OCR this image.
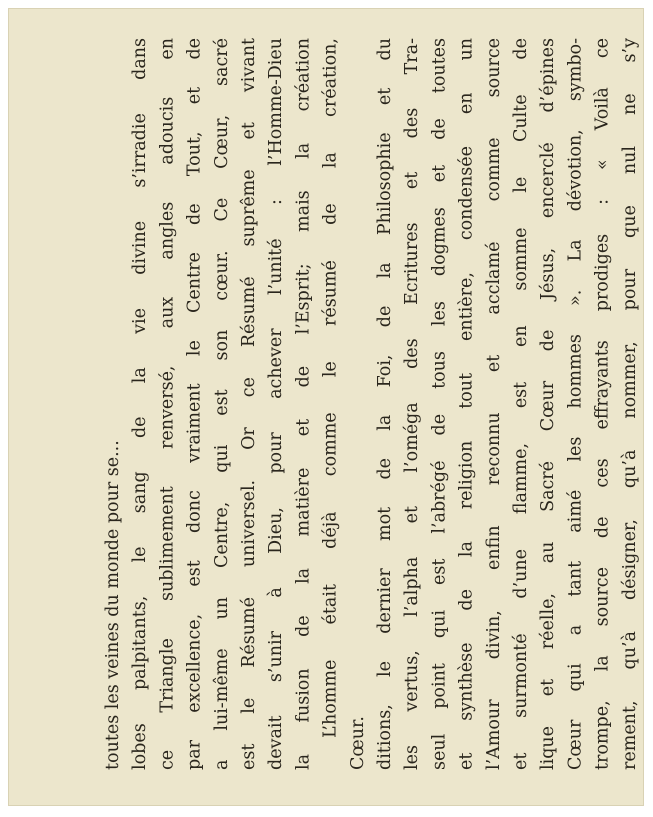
rement, qu’à désigner, qu’à nommer, pour que nul ne s’y
trompe, la source de ces effrayants prodiges : « Voilà ce
Cœur qui a tant aimé les hommes ». La dévotion, symbo-
lique et réelle, au Sacré Cœur de Jésus, encerclé d’épines
et surmonté d’une flamme, est en somme le Culte de
l’Amour divin, enfin reconnu et acclamé comme source
et synthèse de la religion tout entière, condensée en un
seul point qui est l’abrégé de tous les dogmes et de toutes
les vertus, l’alpha et l’oméga des Ecritures et des Tra-
ditions, le dernier mot de la Foi, de la Philosophie et du
Cœur.
L’homme était déjà comme le résumé de la création,
la fusion de la matière et de l’Esprit; mais la création
devait s’unir à Dieu, pour achever l’unité : l’Homme-Dieu
est le Résumé universel. Or ce Résumé suprême et vivant
a lui-même un Centre, qui est son cœur. Ce Cœur, sacré
par excellence, est donc vraiment le Centre de Tout, et de
ce Triangle sublimement renversé, aux angles adoucis en
lobes palpitants, le sang de la vie divine s’irradie dans
toutes les veines du monde pour se...
